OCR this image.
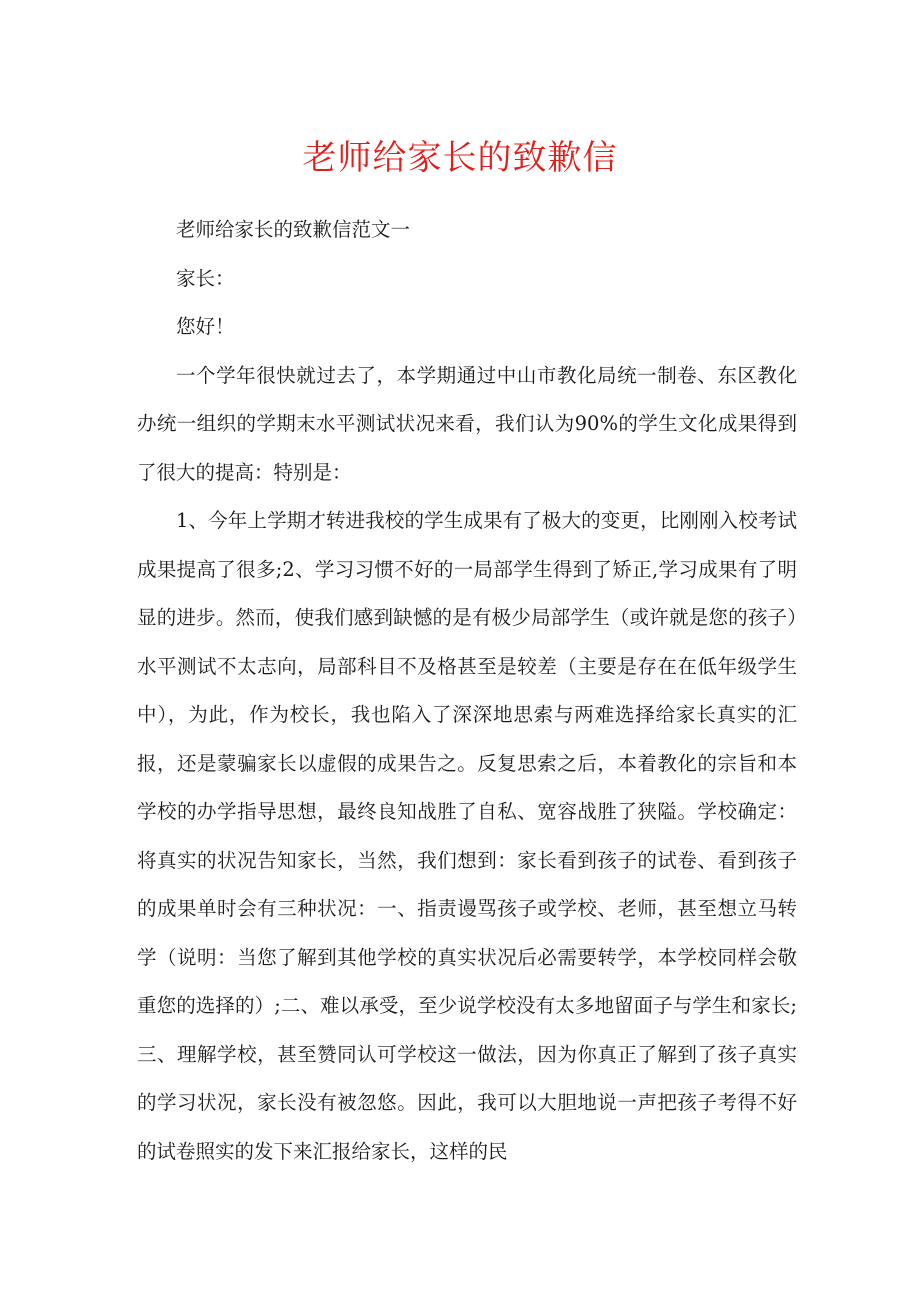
老师给家长的致歉信

老师给家长的致歉信范文一

家长：

您好！

一个学年很快就过去了，本学期通过中山市教化局统一制卷、东区教化办统一组织的学期末水平测试状况来看，我们认为90%的学生文化成果得到了很大的提高：特别是：

1、今年上学期才转进我校的学生成果有了极大的变更，比刚刚入校考试成果提高了很多;2、学习习惯不好的一局部学生得到了矫正,学习成果有了明显的进步。然而，使我们感到缺憾的是有极少局部学生（或许就是您的孩子）水平测试不太志向，局部科目不及格甚至是较差（主要是存在在低年级学生中），为此，作为校长，我也陷入了深深地思索与两难选择给家长真实的汇报，还是蒙骗家长以虚假的成果告之。反复思索之后，本着教化的宗旨和本学校的办学指导思想，最终良知战胜了自私、宽容战胜了狭隘。学校确定：将真实的状况告知家长，当然，我们想到：家长看到孩子的试卷、看到孩子的成果单时会有三种状况：一、指责谩骂孩子或学校、老师，甚至想立马转学（说明：当您了解到其他学校的真实状况后必需要转学，本学校同样会敬重您的选择的）;二、难以承受，至少说学校没有太多地留面子与学生和家长;三、理解学校，甚至赞同认可学校这一做法，因为你真正了解到了孩子真实的学习状况，家长没有被忽悠。因此，我可以大胆地说一声把孩子考得不好的试卷照实的发下来汇报给家长，这样的民
